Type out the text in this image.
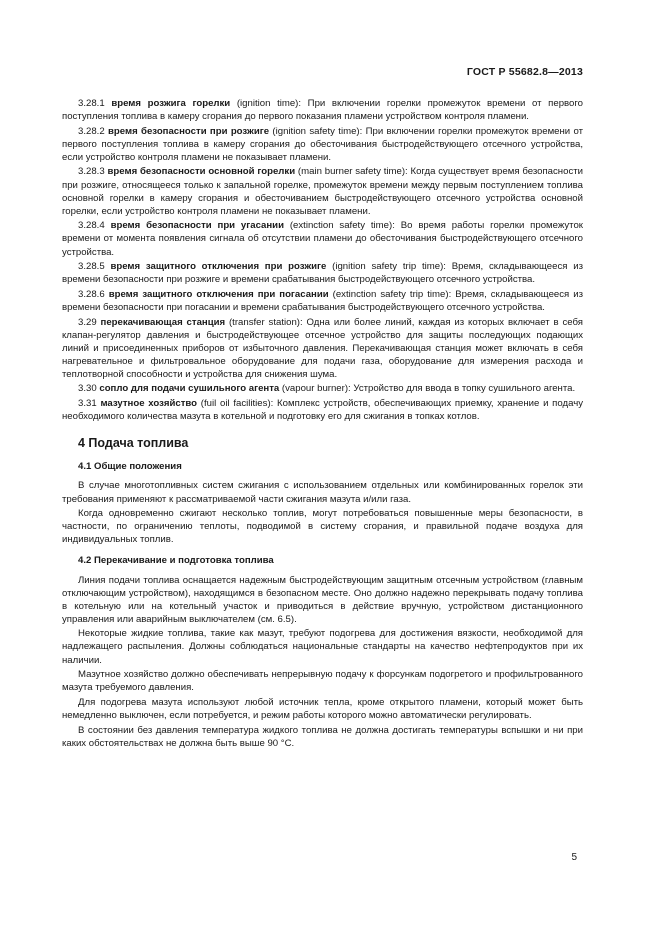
ГОСТ Р 55682.8—2013

3.28.1 время розжига горелки (ignition time): При включении горелки промежуток времени от первого поступления топлива в камеру сгорания до первого показания пламени устройством контроля пламени.

3.28.2 время безопасности при розжиге (ignition safety time): При включении горелки промежуток времени от первого поступления топлива в камеру сгорания до обесточивания быстродействующего отсечного устройства, если устройство контроля пламени не показывает пламени.

3.28.3 время безопасности основной горелки (main burner safety time): Когда существует время безопасности при розжиге, относящееся только к запальной горелке, промежуток времени между первым поступлением топлива основной горелки в камеру сгорания и обесточиванием быстродействующего отсечного устройства основной горелки, если устройство контроля пламени не показывает пламени.

3.28.4 время безопасности при угасании (extinction safety time): Во время работы горелки промежуток времени от момента появления сигнала об отсутствии пламени до обесточивания быстродействующего отсечного устройства.

3.28.5 время защитного отключения при розжиге (ignition safety trip time): Время, складывающееся из времени безопасности при розжиге и времени срабатывания быстродействующего отсечного устройства.

3.28.6 время защитного отключения при погасании (extinction safety trip time): Время, складывающееся из времени безопасности при погасании и времени срабатывания быстродействующего отсечного устройства.

3.29 перекачивающая станция (transfer station): Одна или более линий, каждая из которых включает в себя клапан-регулятор давления и быстродействующее отсечное устройство для защиты последующих подающих линий и присоединенных приборов от избыточного давления. Перекачивающая станция может включать в себя нагревательное и фильтровальное оборудование для подачи газа, оборудование для измерения расхода и теплотворной способности и устройства для снижения шума.

3.30 сопло для подачи сушильного агента (vapour burner): Устройство для ввода в топку сушильного агента.

3.31 мазутное хозяйство (fuil oil facilities): Комплекс устройств, обеспечивающих приемку, хранение и подачу необходимого количества мазута в котельной и подготовку его для сжигания в топках котлов.

4 Подача топлива
4.1 Общие положения

В случае многотопливных систем сжигания с использованием отдельных или комбинированных горелок эти требования применяют к рассматриваемой части сжигания мазута и/или газа.

Когда одновременно сжигают несколько топлив, могут потребоваться повышенные меры безопасности, в частности, по ограничению теплоты, подводимой в систему сгорания, и правильной подаче воздуха для индивидуальных топлив.

4.2 Перекачивание и подготовка топлива

Линия подачи топлива оснащается надежным быстродействующим защитным отсечным устройством (главным отключающим устройством), находящимся в безопасном месте. Оно должно надежно перекрывать подачу топлива в котельную или на котельный участок и приводиться в действие вручную, устройством дистанционного управления или аварийным выключателем (см. 6.5).

Некоторые жидкие топлива, такие как мазут, требуют подогрева для достижения вязкости, необходимой для надлежащего распыления. Должны соблюдаться национальные стандарты на качество нефтепродуктов при их наличии.

Мазутное хозяйство должно обеспечивать непрерывную подачу к форсункам подогретого и профильтрованного мазута требуемого давления.

Для подогрева мазута используют любой источник тепла, кроме открытого пламени, который может быть немедленно выключен, если потребуется, и режим работы которого можно автоматически регулировать.

В состоянии без давления температура жидкого топлива не должна достигать температуры вспышки и ни при каких обстоятельствах не должна быть выше 90 °С.

5
